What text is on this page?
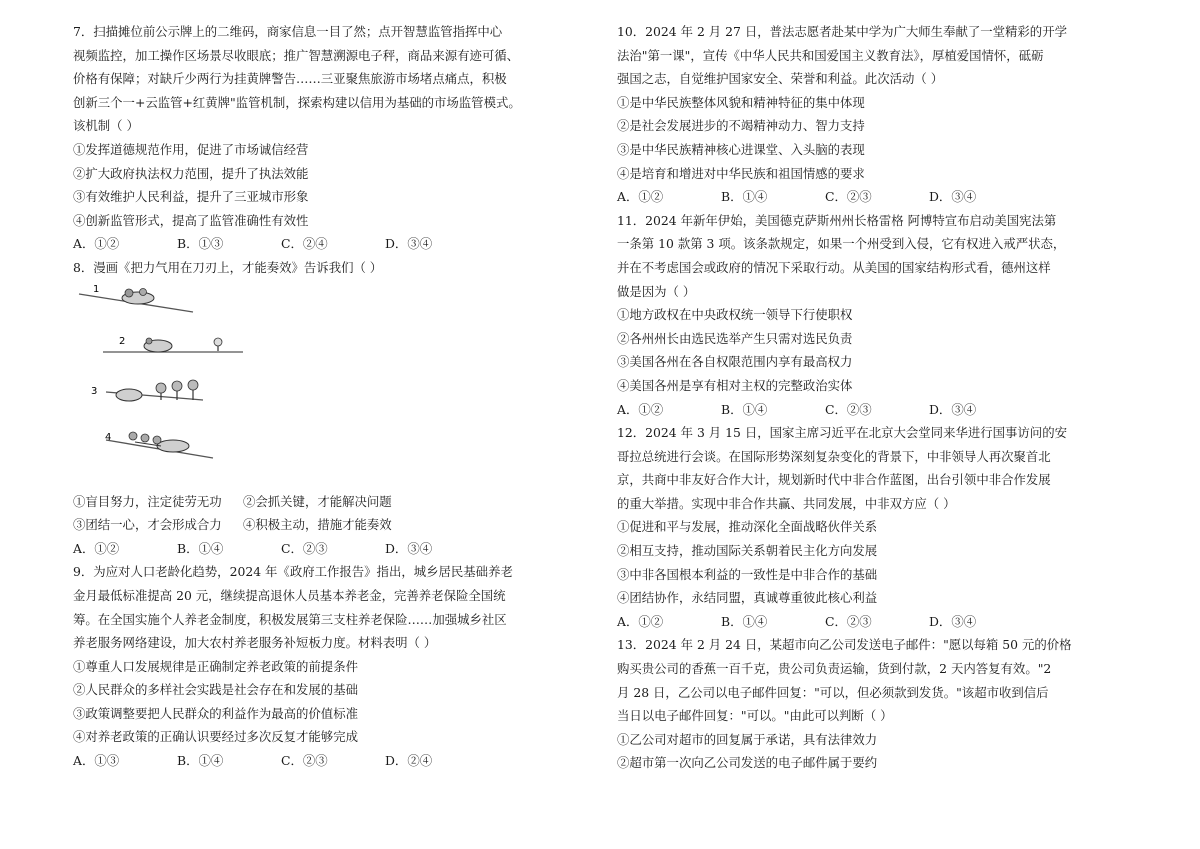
7．扫描摊位前公示牌上的二维码，商家信息一目了然；点开智慧监管指挥中心
视频监控，加工操作区场景尽收眼底；推广智慧溯源电子秤，商品来源有迹可循、
价格有保障；对缺斤少两行为挂黄牌警告……三亚聚焦旅游市场堵点痛点，积极
创新三个一+云监管+红黄牌"监管机制，探索构建以信用为基础的市场监管模式。
该机制（ ）
①发挥道德规范作用，促进了市场诚信经营
②扩大政府执法权力范围，提升了执法效能
③有效维护人民利益，提升了三亚城市形象
④创新监管形式，提高了监管准确性有效性
A．①②	B．①③	C．②④	D．③④
8．漫画《把力气用在刀刃上，才能奏效》告诉我们（ ）
1
2
3
4
①盲目努力，注定徒劳无功 ②会抓关键，才能解决问题
③团结一心，才会形成合力 ④积极主动，措施才能奏效
A．①②	B．①④	C．②③	D．③④
9．为应对人口老龄化趋势，2024 年《政府工作报告》指出，城乡居民基础养老
金月最低标准提高 20 元，继续提高退休人员基本养老金，完善养老保险全国统
筹。在全国实施个人养老金制度，积极发展第三支柱养老保险……加强城乡社区
养老服务网络建设，加大农村养老服务补短板力度。材料表明（ ）
①尊重人口发展规律是正确制定养老政策的前提条件
②人民群众的多样社会实践是社会存在和发展的基础
③政策调整要把人民群众的利益作为最高的价值标准
④对养老政策的正确认识要经过多次反复才能够完成
A．①③	B．①④	C．②③	D．②④
10．2024 年 2 月 27 日，普法志愿者赴某中学为广大师生奉献了一堂精彩的开学
法治"第一课"，宣传《中华人民共和国爱国主义教育法》，厚植爱国情怀，砥砺
强国之志，自觉维护国家安全、荣誉和利益。此次活动（ ）
①是中华民族整体风貌和精神特征的集中体现
②是社会发展进步的不竭精神动力、智力支持
③是中华民族精神核心进课堂、入头脑的表现
④是培育和增进对中华民族和祖国情感的要求
A．①②	B．①④	C．②③	D．③④
11．2024 年新年伊始，美国德克萨斯州州长格雷格 阿博特宣布启动美国宪法第
一条第 10 款第 3 项。该条款规定，如果一个州受到入侵，它有权进入戒严状态，
并在不考虑国会或政府的情况下采取行动。从美国的国家结构形式看，德州这样
做是因为（ ）
①地方政权在中央政权统一领导下行使职权
②各州州长由选民选举产生只需对选民负责
③美国各州在各自权限范围内享有最高权力
④美国各州是享有相对主权的完整政治实体
A．①②	B．①④	C．②③	D．③④
12．2024 年 3 月 15 日，国家主席习近平在北京大会堂同来华进行国事访问的安
哥拉总统进行会谈。在国际形势深刻复杂变化的背景下，中非领导人再次聚首北
京，共商中非友好合作大计，规划新时代中非合作蓝图，出台引领中非合作发展
的重大举措。实现中非合作共赢、共同发展，中非双方应（ ）
①促进和平与发展，推动深化全面战略伙伴关系
②相互支持，推动国际关系朝着民主化方向发展
③中非各国根本利益的一致性是中非合作的基础
④团结协作，永结同盟，真诚尊重彼此核心利益
A．①②	B．①④	C．②③	D．③④
13．2024 年 2 月 24 日，某超市向乙公司发送电子邮件："愿以每箱 50 元的价格
购买贵公司的香蕉一百千克，贵公司负责运输，货到付款，2 天内答复有效。"2
月 28 日，乙公司以电子邮件回复："可以，但必须款到发货。"该超市收到信后
当日以电子邮件回复："可以。"由此可以判断（ ）
①乙公司对超市的回复属于承诺，具有法律效力
②超市第一次向乙公司发送的电子邮件属于要约
